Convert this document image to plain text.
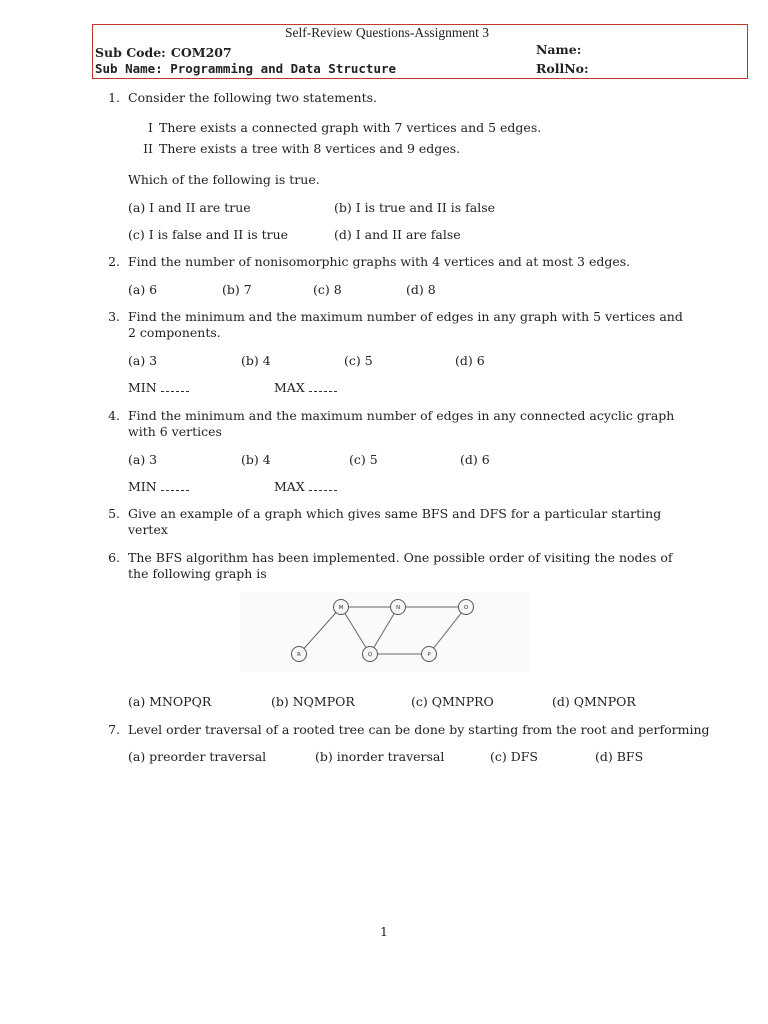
Self-Review Questions-Assignment 3
Sub Code: COM207	Name:
Sub Name: Programming and Data Structure	RollNo:
1. Consider the following two statements.
I There exists a connected graph with 7 vertices and 5 edges.
II There exists a tree with 8 vertices and 9 edges.
Which of the following is true.
(a) I and II are true	(b) I is true and II is false
(c) I is false and II is true	(d) I and II are false
2. Find the number of nonisomorphic graphs with 4 vertices and at most 3 edges.
(a) 6	(b) 7	(c) 8	(d) 8
3. Find the minimum and the maximum number of edges in any graph with 5 vertices and
2 components.
(a) 3	(b) 4	(c) 5	(d) 6
MIN	MAX
4. Find the minimum and the maximum number of edges in any connected acyclic graph
with 6 vertices
(a) 3	(b) 4	(c) 5	(d) 6
MIN	MAX
5. Give an example of a graph which gives same BFS and DFS for a particular starting
vertex
6. The BFS algorithm has been implemented. One possible order of visiting the nodes of
the following graph is
M	N	O
R	Q	P
(a) MNOPQR	(b) NQMPOR	(c) QMNPRO	(d) QMNPOR
7. Level order traversal of a rooted tree can be done by starting from the root and performing
(a) preorder traversal	(b) inorder traversal	(c) DFS	(d) BFS
1
